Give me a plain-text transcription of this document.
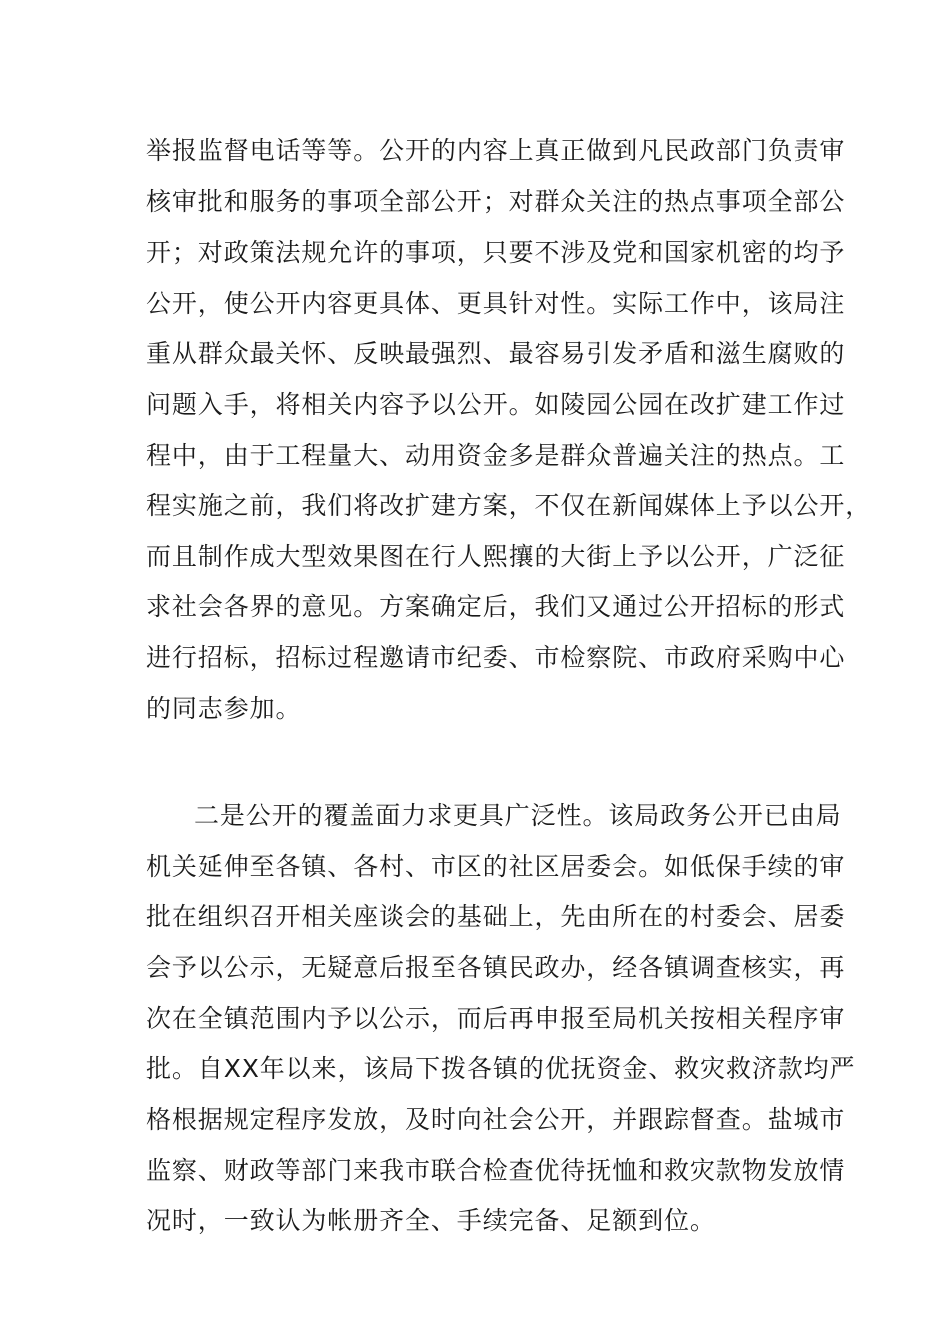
举报监督电话等等。公开的内容上真正做到凡民政部门负责审
核审批和服务的事项全部公开；对群众关注的热点事项全部公
开；对政策法规允许的事项，只要不涉及党和国家机密的均予
公开，使公开内容更具体、更具针对性。实际工作中，该局注
重从群众最关怀、反映最强烈、最容易引发矛盾和滋生腐败的
问题入手，将相关内容予以公开。如陵园公园在改扩建工作过
程中，由于工程量大、动用资金多是群众普遍关注的热点。工
程实施之前，我们将改扩建方案，不仅在新闻媒体上予以公开，
而且制作成大型效果图在行人熙攘的大街上予以公开，广泛征
求社会各界的意见。方案确定后，我们又通过公开招标的形式
进行招标，招标过程邀请市纪委、市检察院、市政府采购中心
的同志参加。
二是公开的覆盖面力求更具广泛性。该局政务公开已由局
机关延伸至各镇、各村、市区的社区居委会。如低保手续的审
批在组织召开相关座谈会的基础上，先由所在的村委会、居委
会予以公示，无疑意后报至各镇民政办，经各镇调查核实，再
次在全镇范围内予以公示，而后再申报至局机关按相关程序审
批。自XX年以来，该局下拨各镇的优抚资金、救灾救济款均严
格根据规定程序发放，及时向社会公开，并跟踪督查。盐城市
监察、财政等部门来我市联合检查优待抚恤和救灾款物发放情
况时，一致认为帐册齐全、手续完备、足额到位。
